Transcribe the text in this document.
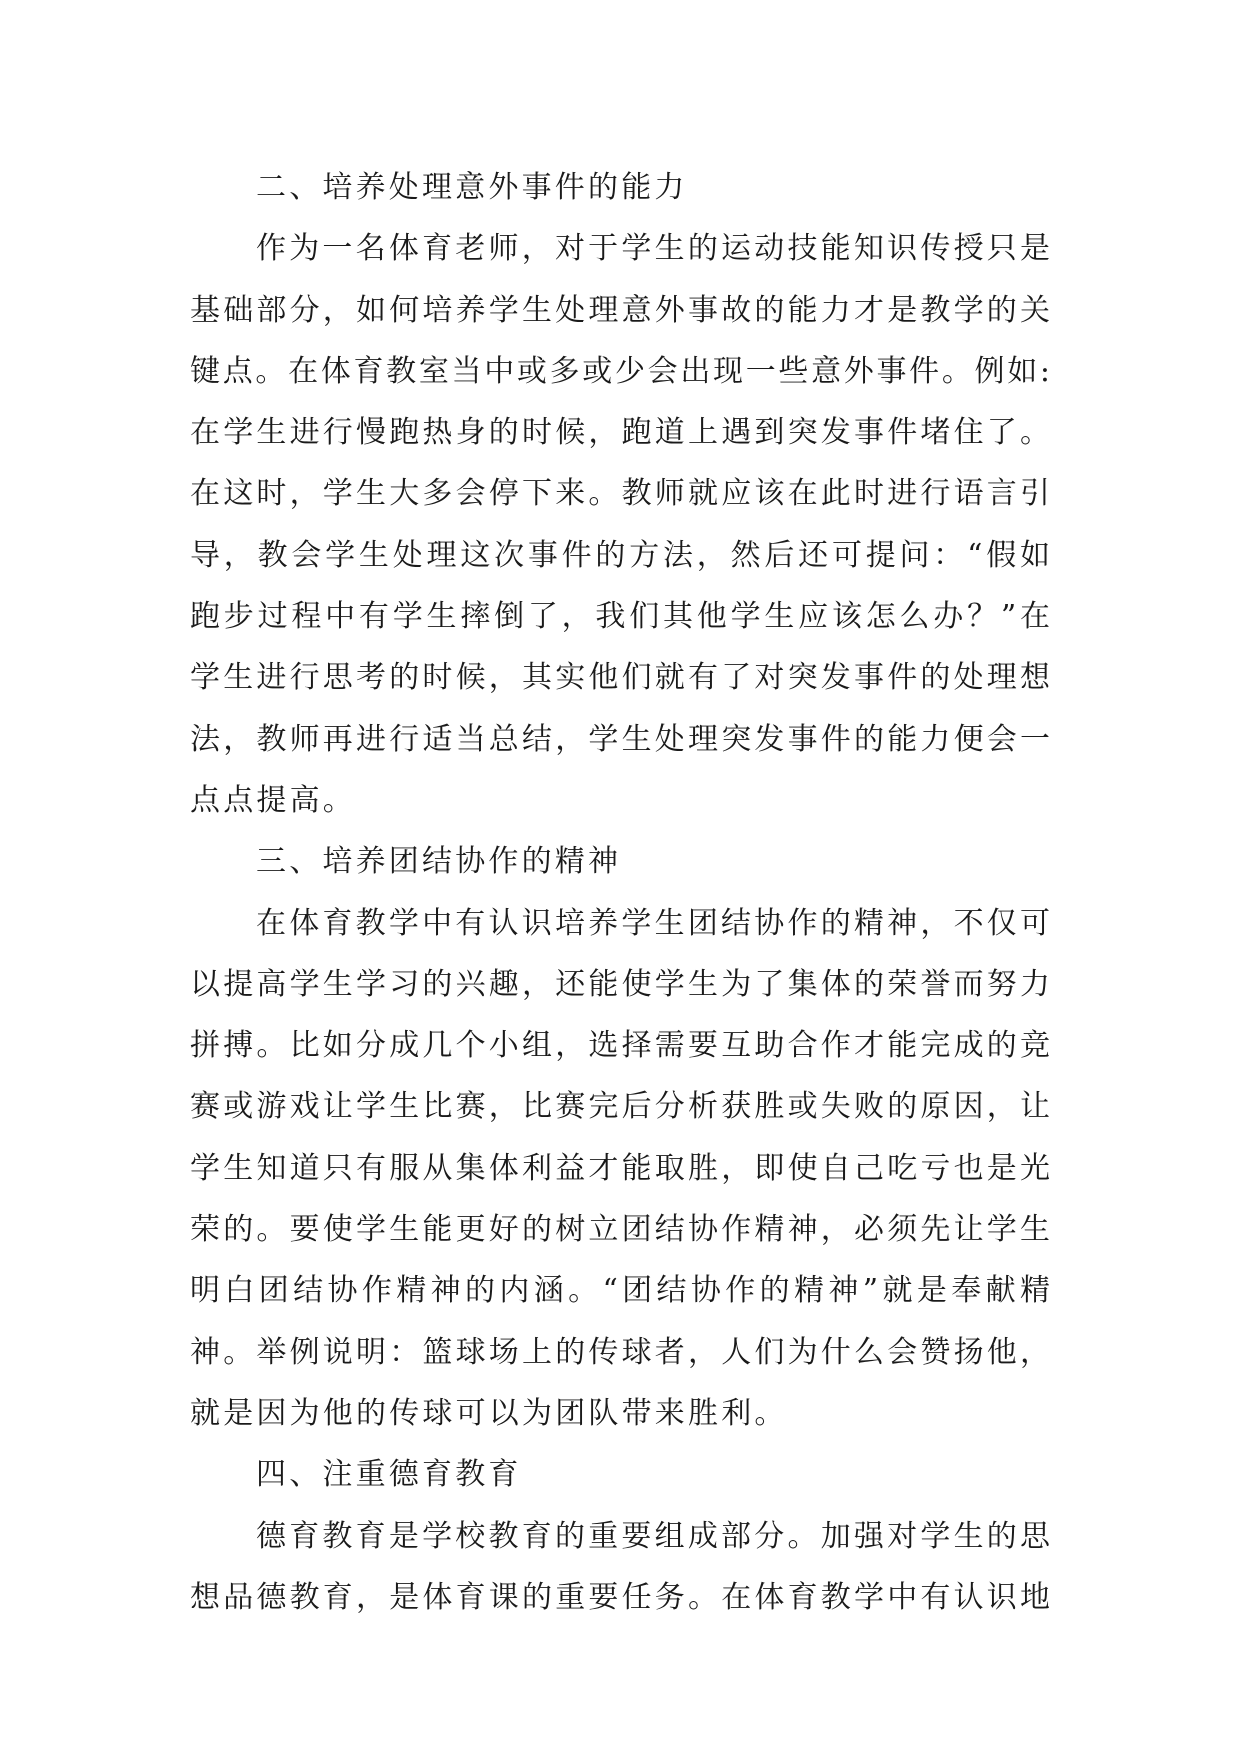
二、培养处理意外事件的能力
作为一名体育老师，对于学生的运动技能知识传授只是
基础部分，如何培养学生处理意外事故的能力才是教学的关
键点。在体育教室当中或多或少会出现一些意外事件。例如:
在学生进行慢跑热身的时候，跑道上遇到突发事件堵住了。
在这时，学生大多会停下来。教师就应该在此时进行语言引
导，教会学生处理这次事件的方法，然后还可提问：“假如
跑步过程中有学生摔倒了，我们其他学生应该怎么办？”在
学生进行思考的时候，其实他们就有了对突发事件的处理想
法，教师再进行适当总结，学生处理突发事件的能力便会一
点点提高。
三、培养团结协作的精神
在体育教学中有认识培养学生团结协作的精神，不仅可
以提高学生学习的兴趣，还能使学生为了集体的荣誉而努力
拼搏。比如分成几个小组，选择需要互助合作才能完成的竞
赛或游戏让学生比赛，比赛完后分析获胜或失败的原因，让
学生知道只有服从集体利益才能取胜，即使自己吃亏也是光
荣的。要使学生能更好的树立团结协作精神，必须先让学生
明白团结协作精神的内涵。“团结协作的精神”就是奉献精
神。举例说明：篮球场上的传球者，人们为什么会赞扬他，
就是因为他的传球可以为团队带来胜利。
四、注重德育教育
德育教育是学校教育的重要组成部分。加强对学生的思
想品德教育，是体育课的重要任务。在体育教学中有认识地
